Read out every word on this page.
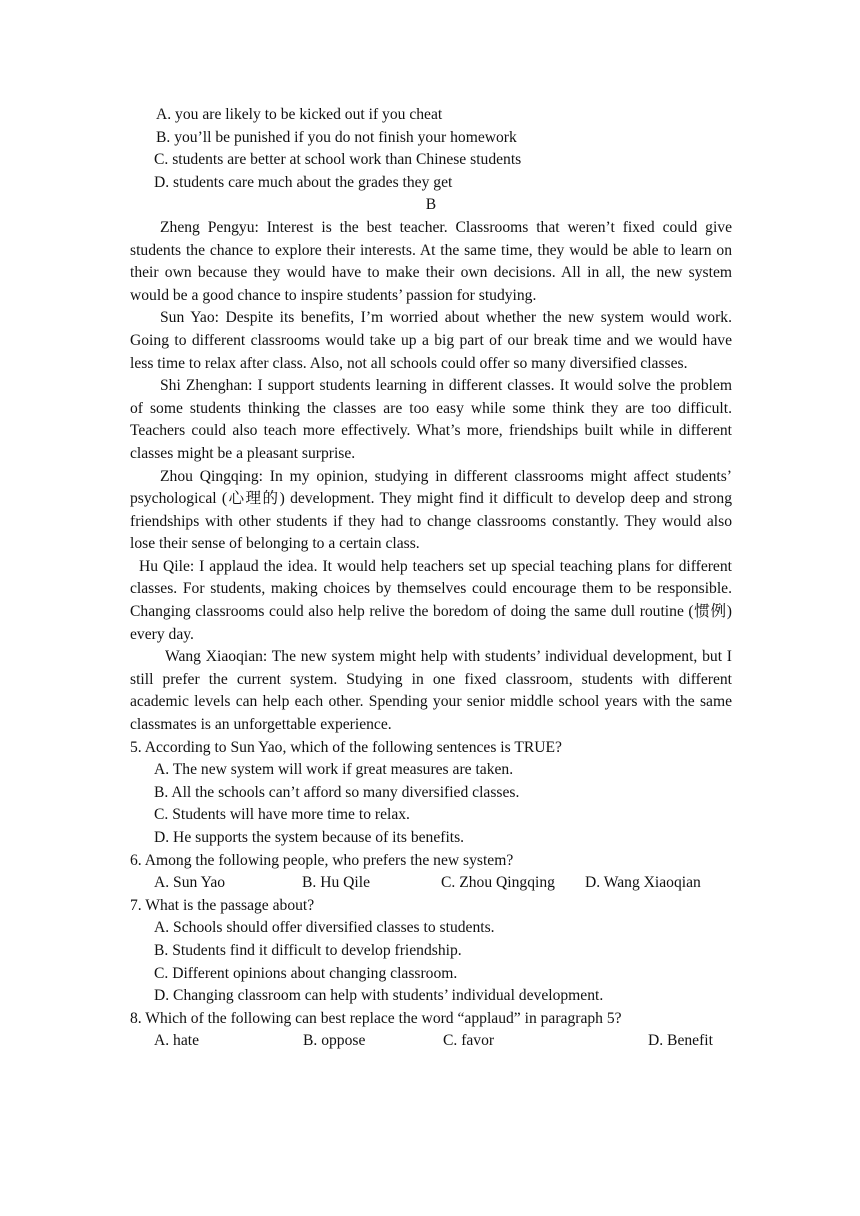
A. you are likely to be kicked out if you cheat
B. you’ll be punished if you do not finish your homework
C. students are better at school work than Chinese students
D. students care much about the grades they get
B
Zheng Pengyu: Interest is the best teacher. Classrooms that weren’t fixed could give students the chance to explore their interests. At the same time, they would be able to learn on their own because they would have to make their own decisions. All in all, the new system would be a good chance to inspire students’ passion for studying.
Sun Yao: Despite its benefits, I’m worried about whether the new system would work. Going to different classrooms would take up a big part of our break time and we would have less time to relax after class. Also, not all schools could offer so many diversified classes.
Shi Zhenghan: I support students learning in different classes. It would solve the problem of some students thinking the classes are too easy while some think they are too difficult. Teachers could also teach more effectively. What’s more, friendships built while in different classes might be a pleasant surprise.
Zhou Qingqing: In my opinion, studying in different classrooms might affect students’ psychological (心理的) development. They might find it difficult to develop deep and strong friendships with other students if they had to change classrooms constantly. They would also lose their sense of belonging to a certain class.
Hu Qile: I applaud the idea. It would help teachers set up special teaching plans for different classes. For students, making choices by themselves could encourage them to be responsible. Changing classrooms could also help relive the boredom of doing the same dull routine (惯例) every day.
Wang Xiaoqian: The new system might help with students’ individual development, but I still prefer the current system. Studying in one fixed classroom, students with different academic levels can help each other. Spending your senior middle school years with the same classmates is an unforgettable experience.
5. According to Sun Yao, which of the following sentences is TRUE?
A. The new system will work if great measures are taken.
B. All the schools can’t afford so many diversified classes.
C. Students will have more time to relax.
D. He supports the system because of its benefits.
6. Among the following people, who prefers the new system?
A. Sun Yao	B. Hu Qile	C. Zhou Qingqing	D. Wang Xiaoqian
7. What is the passage about?
A. Schools should offer diversified classes to students.
B. Students find it difficult to develop friendship.
C. Different opinions about changing classroom.
D. Changing classroom can help with students’ individual development.
8. Which of the following can best replace the word “applaud” in paragraph 5?
A. hate	B. oppose	C. favor	D. Benefit
